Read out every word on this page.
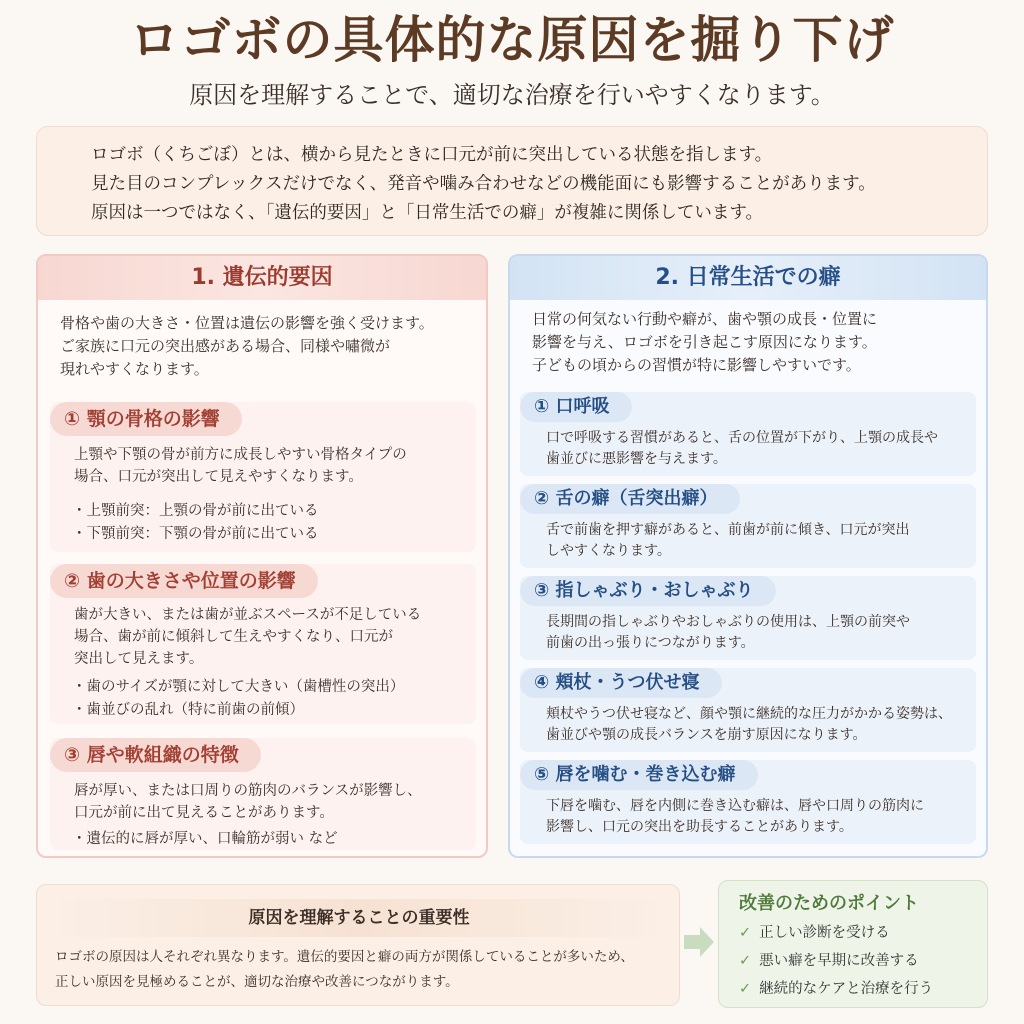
ロゴボの具体的な原因を掘り下げ
原因を理解することで、適切な治療を行いやすくなります。

ロゴボ（くちごぼ）とは、横から見たときに口元が前に突出している状態を指します。

見た目のコンプレックスだけでなく、発音や噛み合わせなどの機能面にも影響することがあります。

原因は一つではなく、「遺伝的要因」と「日常生活での癖」が複雑に関係しています。

1. 遺伝的要因
骨格や歯の大きさ・位置は遺伝の影響を強く受けます。
ご家族に口元の突出感がある場合、同様や嘯微が
現れやすくなります。
① 顎の骨格の影響
上顎や下顎の骨が前方に成長しやすい骨格タイプの
場合、口元が突出して見えやすくなります。
・上顎前突：上顎の骨が前に出ている
・下顎前突：下顎の骨が前に出ている
② 歯の大きさや位置の影響
歯が大きい、または歯が並ぶスペースが不足している
場合、歯が前に傾斜して生えやすくなり、口元が
突出して見えます。
・歯のサイズが顎に対して大きい（歯槽性の突出）
・歯並びの乱れ（特に前歯の前傾）
③ 唇や軟組織の特徴
唇が厚い、または口周りの筋肉のバランスが影響し、
口元が前に出て見えることがあります。
・遺伝的に唇が厚い、口輪筋が弱い など
2. 日常生活での癖
日常の何気ない行動や癖が、歯や顎の成長・位置に
影響を与え、ロゴボを引き起こす原因になります。
子どもの頃からの習慣が特に影響しやすいです。
① 口呼吸
口で呼吸する習慣があると、舌の位置が下がり、上顎の成長や
歯並びに悪影響を与えます。
② 舌の癖（舌突出癖）
舌で前歯を押す癖があると、前歯が前に傾き、口元が突出
しやすくなります。
③ 指しゃぶり・おしゃぶり
長期間の指しゃぶりやおしゃぶりの使用は、上顎の前突や
前歯の出っ張りにつながります。
④ 頬杖・うつ伏せ寝
頬杖やうつ伏せ寝など、顔や顎に継続的な圧力がかかる姿勢は、
歯並びや顎の成長バランスを崩す原因になります。
⑤ 唇を噛む・巻き込む癖
下唇を噛む、唇を内側に巻き込む癖は、唇や口周りの筋肉に
影響し、口元の突出を助長することがあります。
原因を理解することの重要性
ロゴボの原因は人それぞれ異なります。遺伝的要因と癖の両方が関係していることが多いため、
正しい原因を見極めることが、適切な治療や改善につながります。
改善のためのポイント
✓ 正しい診断を受ける
✓ 悪い癖を早期に改善する
✓ 継続的なケアと治療を行う
